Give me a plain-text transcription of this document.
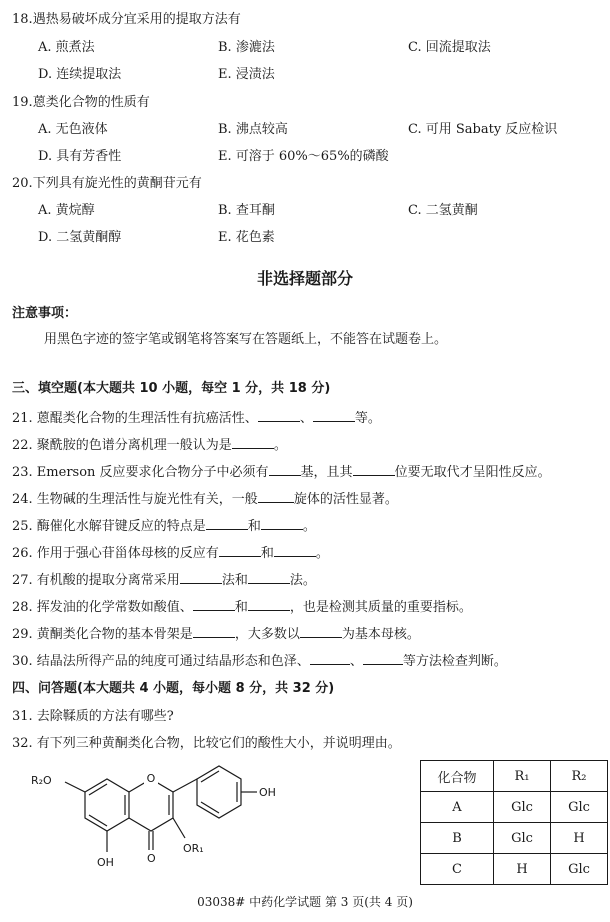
18.遇热易破坏成分宜采用的提取方法有
A. 煎煮法	B. 渗漉法	C. 回流提取法
D. 连续提取法	E. 浸渍法
19.蒽类化合物的性质有
A. 无色液体	B. 沸点较高	C. 可用 Sabaty 反应检识
D. 具有芳香性	E. 可溶于 60%～65%的磷酸
20.下列具有旋光性的黄酮苷元有
A. 黄烷醇	B. 查耳酮	C. 二氢黄酮
D. 二氢黄酮醇	E. 花色素
非选择题部分
注意事项：
用黑色字迹的签字笔或钢笔将答案写在答题纸上，不能答在试题卷上。
三、填空题(本大题共 10 小题，每空 1 分，共 18 分)
21. 蒽醌类化合物的生理活性有抗癌活性、	、	等。
22. 聚酰胺的色谱分离机理一般认为是	。
23. Emerson 反应要求化合物分子中必须有 基，且其	位要无取代才呈阳性反应。
24. 生物碱的生理活性与旋光性有关，一般	旋体的活性显著。
25. 酶催化水解苷键反应的特点是	和	。
26. 作用于强心苷甾体母核的反应有	和	。
27. 有机酸的提取分离常采用	法和	法。
28. 挥发油的化学常数如酸值、	和	，也是检测其质量的重要指标。
29. 黄酮类化合物的基本骨架是	，大多数以	为基本母核。
30. 结晶法所得产品的纯度可通过结晶形态和色泽、	、	等方法检查判断。
四、问答题(本大题共 4 小题，每小题 8 分，共 32 分)
31. 去除鞣质的方法有哪些?
32. 有下列三种黄酮类化合物，比较它们的酸性大小，并说明理由。
O
R₂O
OH
OR₁
O
OH
化合物	R₁	R₂
A	Glc	Glc
B	Glc	H
C	H	Glc
03038# 中药化学试题 第 3 页(共 4 页)
